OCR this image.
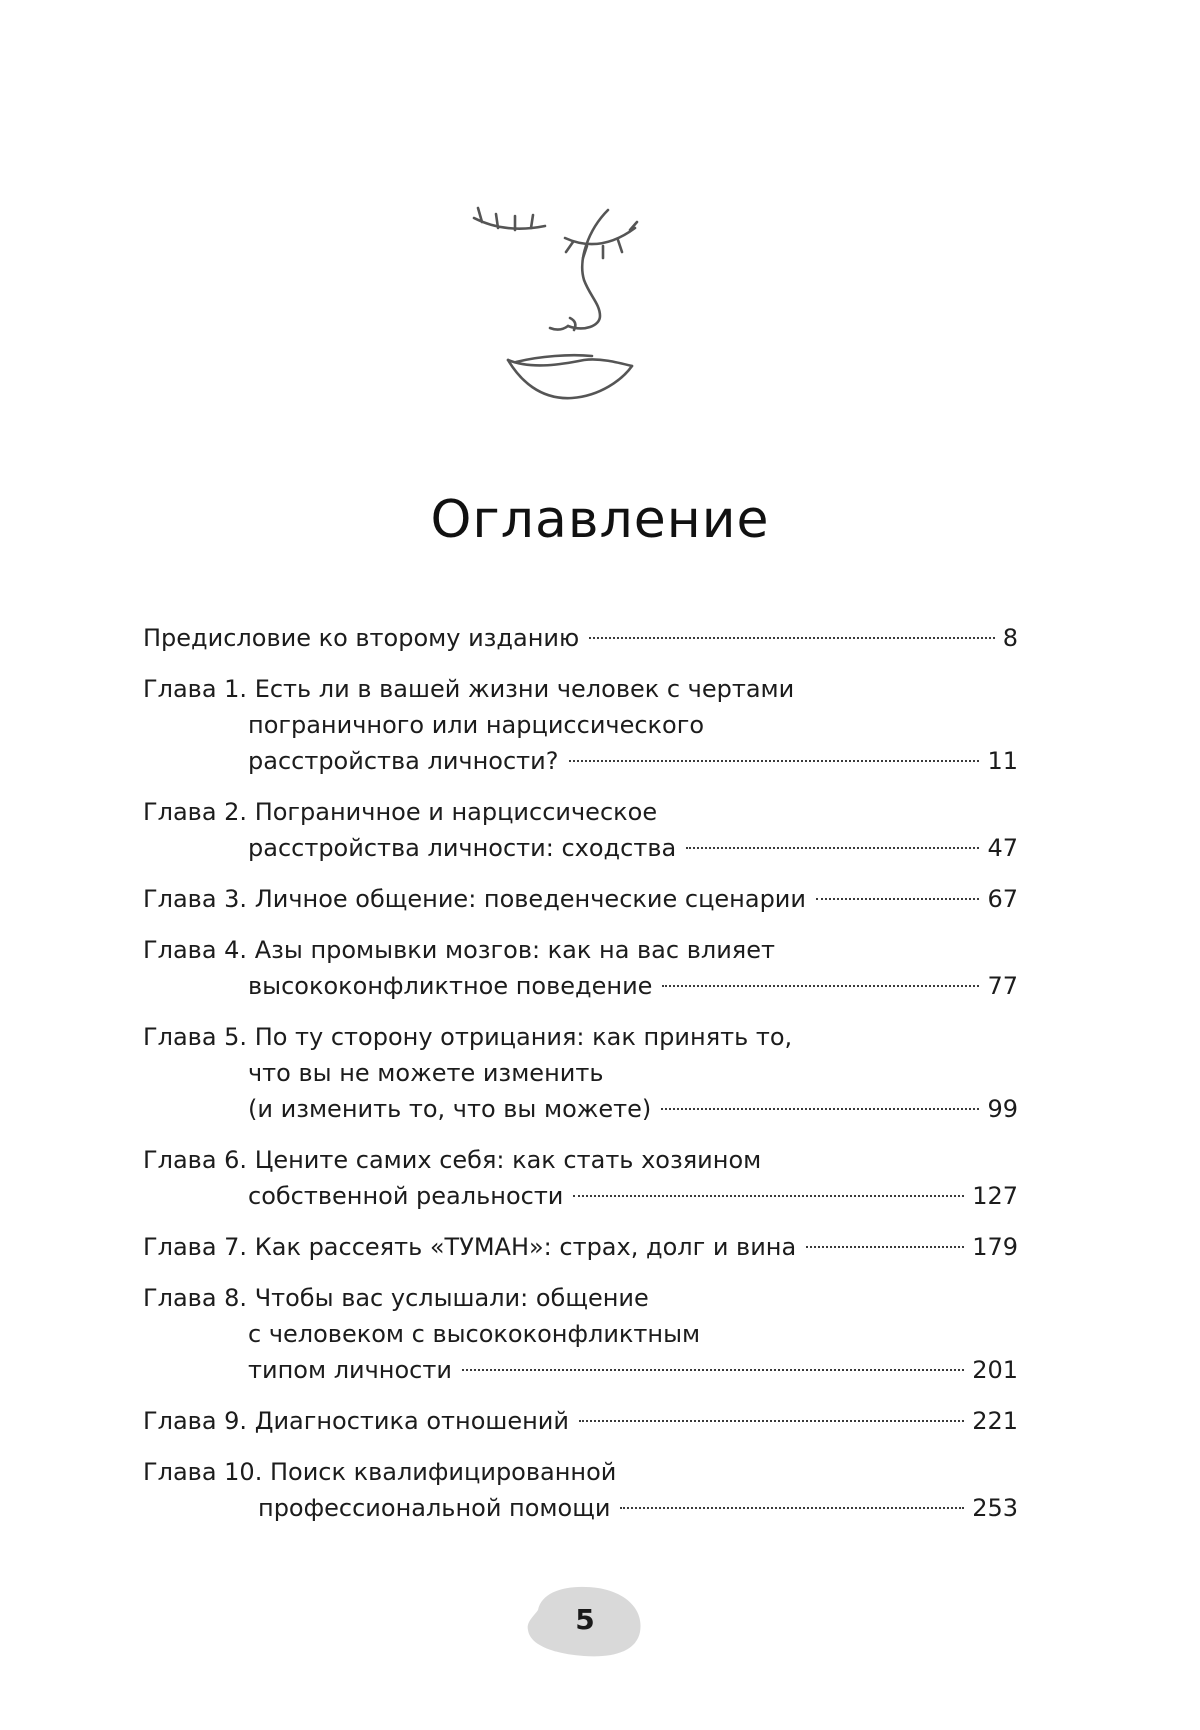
Оглавление
Предисловие ко второму изданию	8
Глава 1. Есть ли в вашей жизни человек с чертами
пограничного или нарциссического
расстройства личности?	11
Глава 2. Пограничное и нарциссическое
расстройства личности: сходства	47
Глава 3. Личное общение: поведенческие сценарии	67
Глава 4. Азы промывки мозгов: как на вас влияет
высококонфликтное поведение	77
Глава 5. По ту сторону отрицания: как принять то,
что вы не можете изменить
(и изменить то, что вы можете)	99
Глава 6. Цените самих себя: как стать хозяином
собственной реальности	127
Глава 7. Как рассеять «ТУМАН»: страх, долг и вина	179
Глава 8. Чтобы вас услышали: общение
с человеком с высококонфликтным
типом личности	201
Глава 9. Диагностика отношений	221
Глава 10. Поиск квалифицированной
профессиональной помощи	253
5
